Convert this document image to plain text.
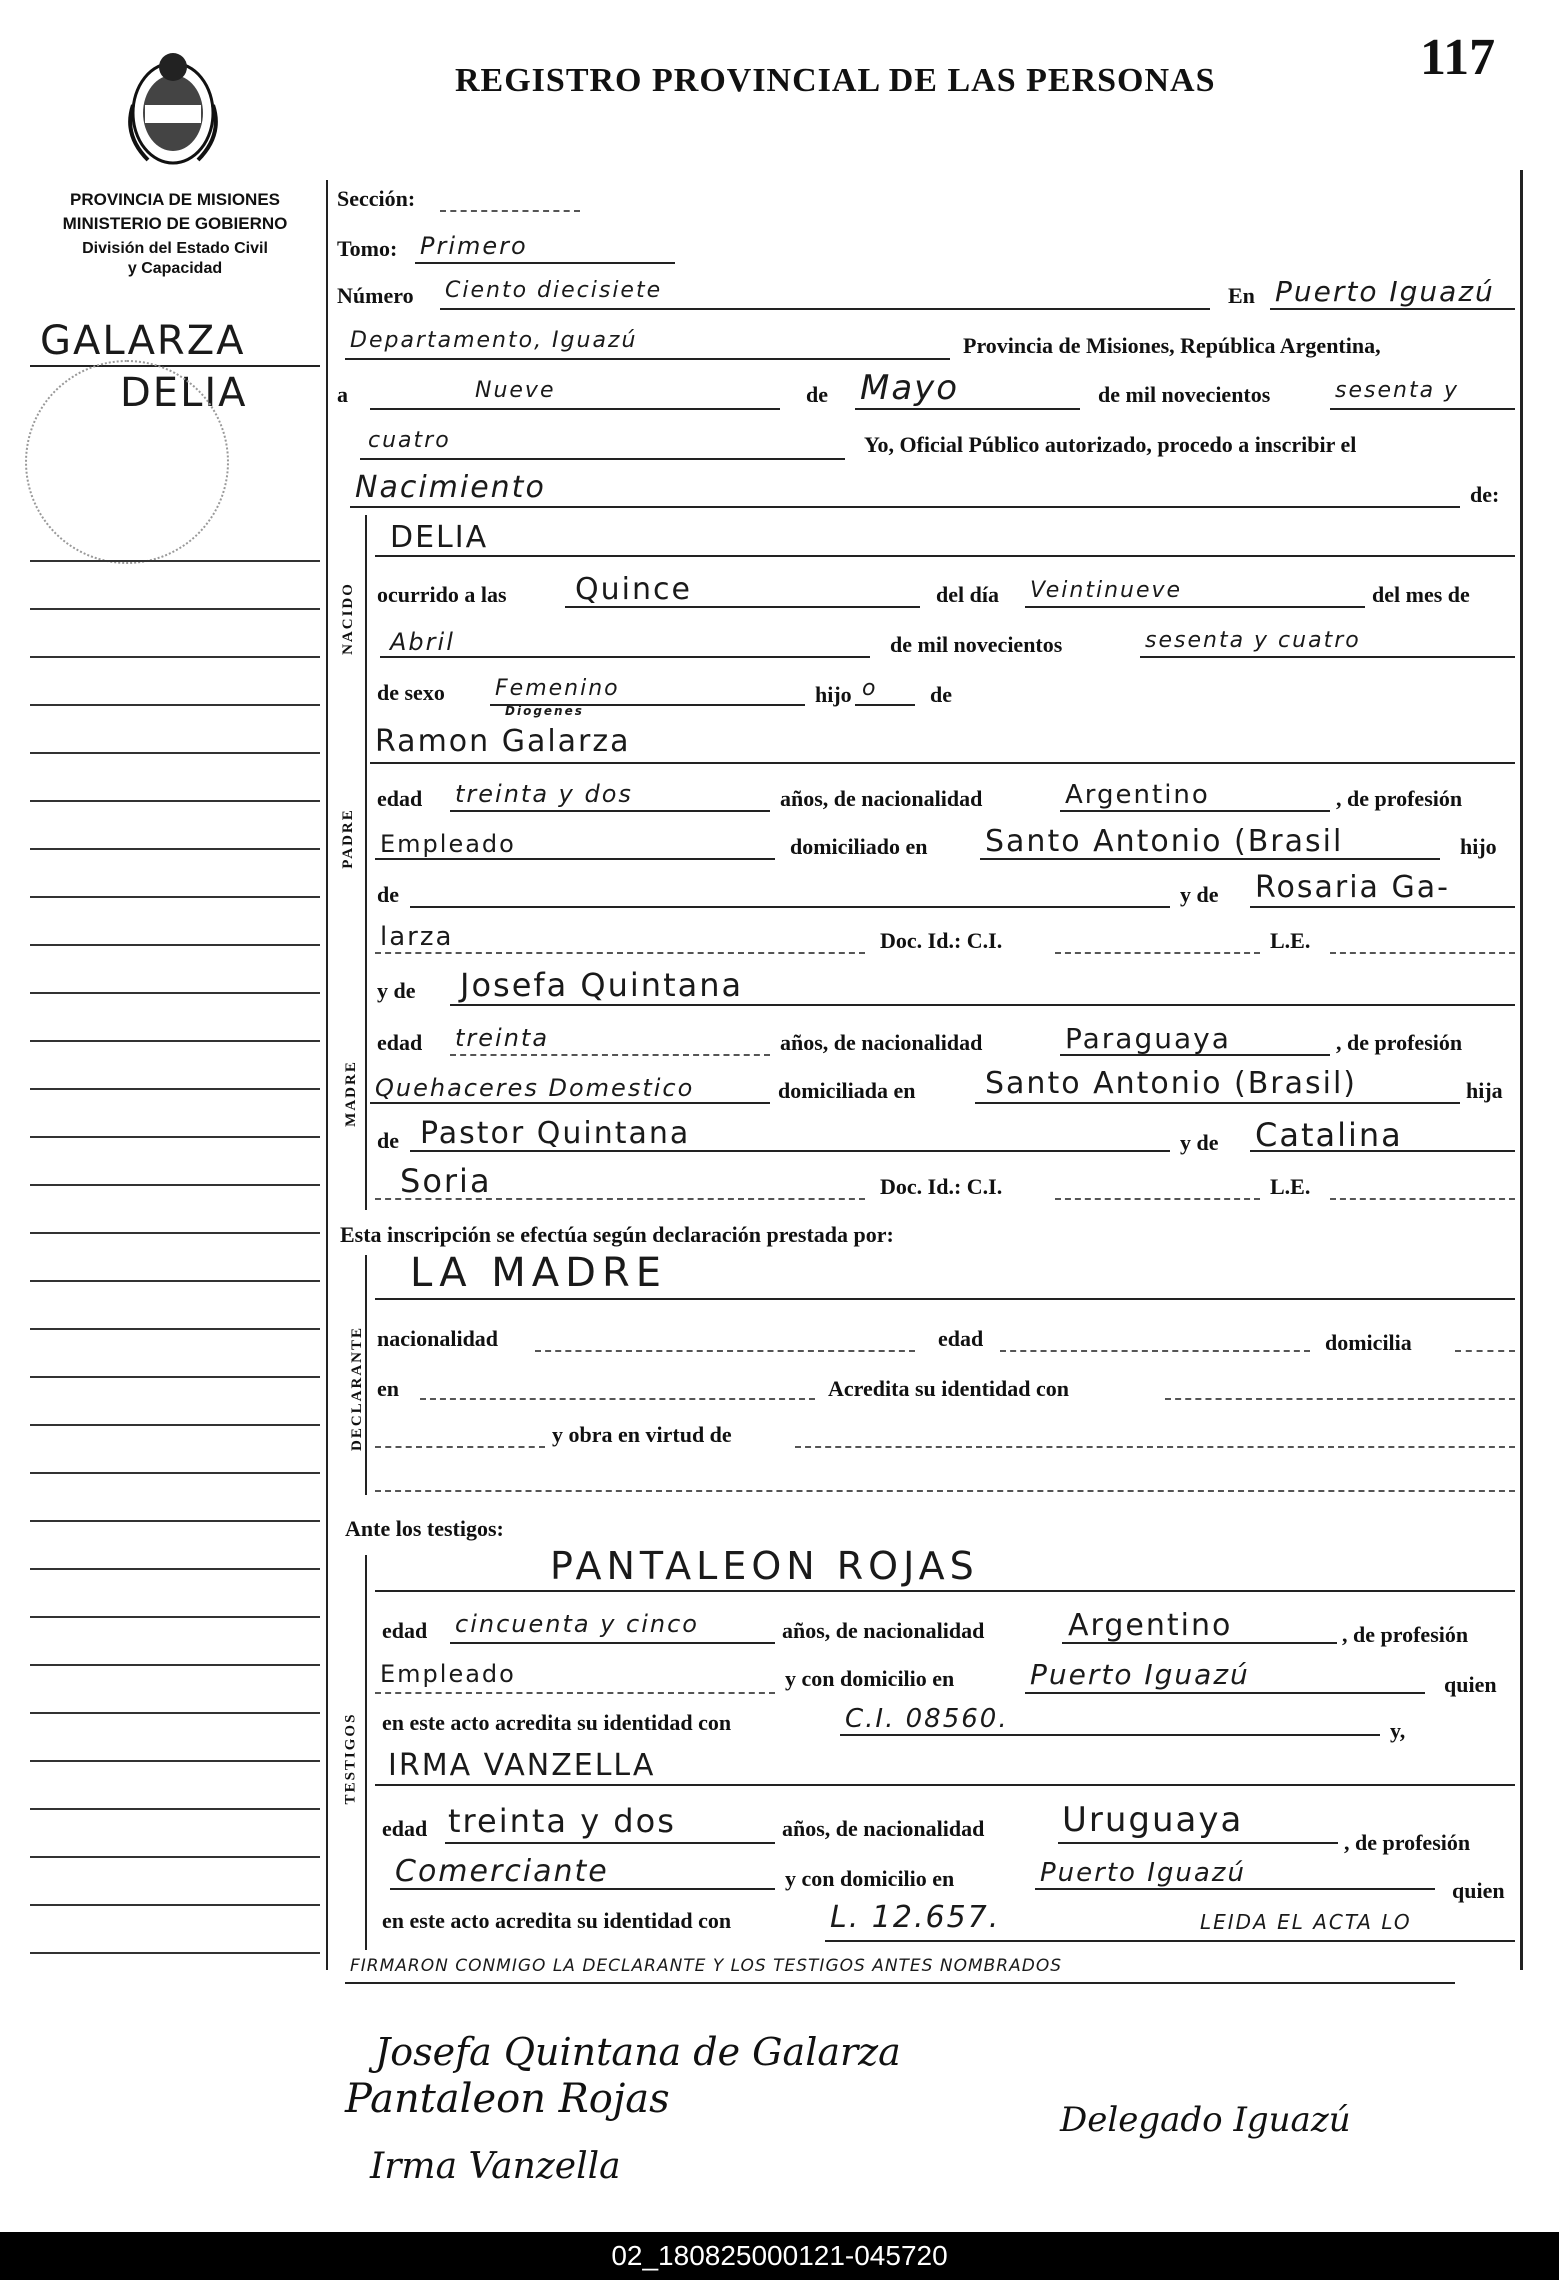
REGISTRO PROVINCIAL DE LAS PERSONAS	117
PROVINCIA DE MISIONES
MINISTERIO DE GOBIERNO
División del Estado Civil
y Capacidad
GALARZA
DELIA
NACIDO
PADRE
MADRE
DECLARANTE
TESTIGOS
Sección:
Tomo: Primero
Número Ciento diecisiete	En Puerto Iguazú
Departamento, Iguazú	Provincia de Misiones, República Argentina,
a	Nueve	de Mayo	de mil novecientos	sesenta y
cuatro	Yo, Oficial Público autorizado, procedo a inscribir el
Nacimiento	de:
DELIA
ocurrido a las Quince	del día Veintinueve	del mes de
Abril	de mil novecientos	sesenta y cuatro
de sexo Femenino	hijo o de
Diogenes
Ramon Galarza
edad treinta y dos	años, de nacionalidad	Argentino	, de profesión
Empleado	domiciliado en Santo Antonio (Brasil	hijo
de	y de Rosaria Ga-
larza	Doc. Id.: C.I.	L.E.
y de Josefa Quintana
edad treinta	años, de nacionalidad	Paraguaya	, de profesión
Quehaceres Domestico	domiciliada en Santo Antonio (Brasil)	hija
de Pastor Quintana	y de Catalina
Soria	Doc. Id.: C.I.	L.E.
Esta inscripción se efectúa según declaración prestada por:
LA MADRE
nacionalidad	edad	domicilia
en	Acredita su identidad con
y obra en virtud de
Ante los testigos:
PANTALEON ROJAS
edad cincuenta y cinco	años, de nacionalidad	Argentino	, de profesión
Empleado	y con domicilio en	Puerto Iguazú	quien
en este acto acredita su identidad con	C.I. 08560.	y,
IRMA VANZELLA
edad treinta y dos	años, de nacionalidad Uruguaya
, de profesión
Comerciante	y con domicilio en	Puerto Iguazú
quien
en este acto acredita su identidad con	L. 12.657.	LEIDA EL ACTA LO
FIRMARON CONMIGO LA DECLARANTE Y LOS TESTIGOS ANTES NOMBRADOS
Josefa Quintana de Galarza
Pantaleon Rojas
Irma Vanzella
Delegado Iguazú
02_180825000121-045720
